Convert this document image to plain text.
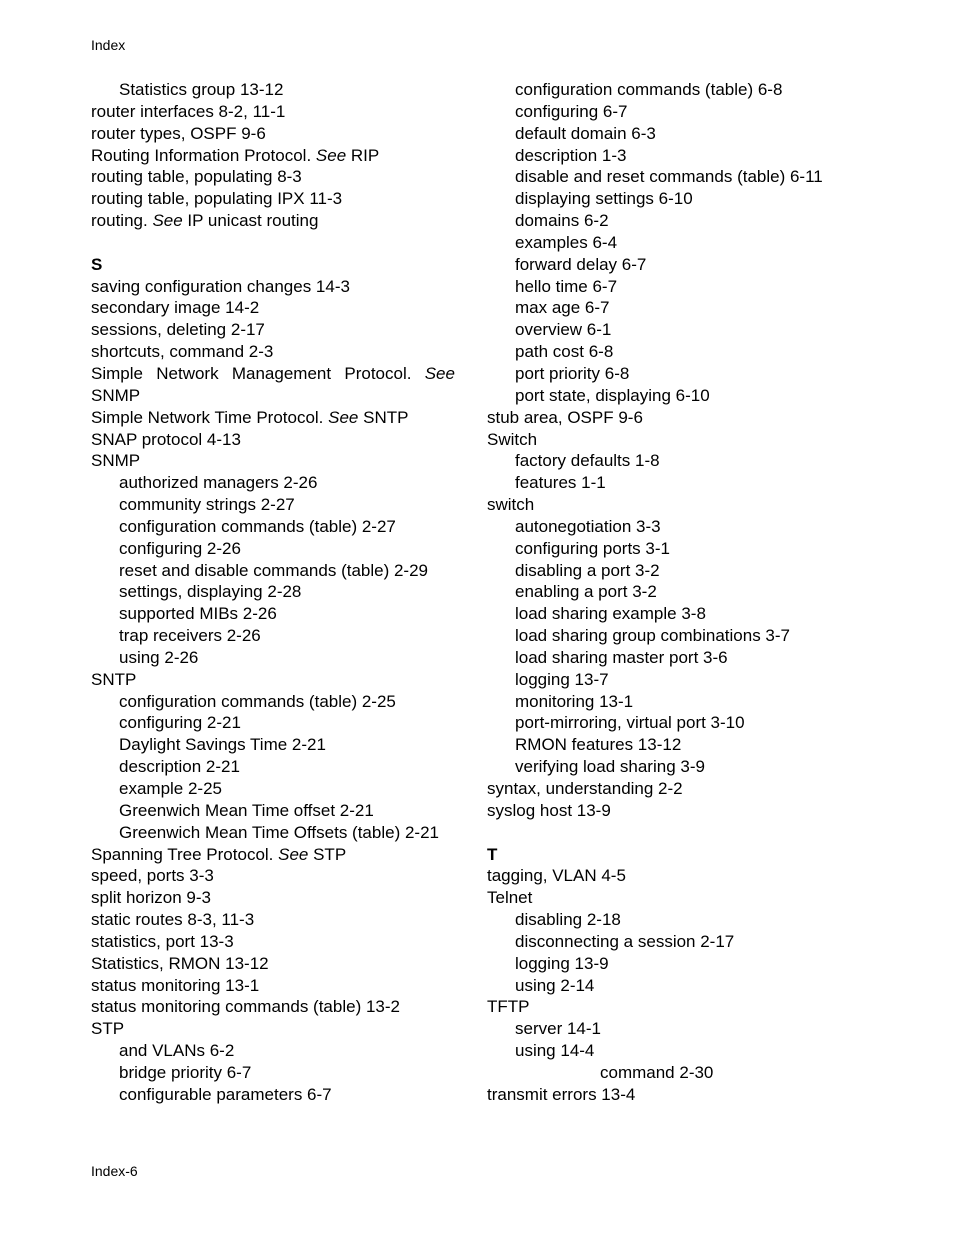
Index
Statistics group 13-12
router interfaces 8-2, 11-1
router types, OSPF 9-6
Routing Information Protocol. See RIP
routing table, populating 8-3
routing table, populating IPX 11-3
routing. See IP unicast routing
S
saving configuration changes 14-3
secondary image 14-2
sessions, deleting 2-17
shortcuts, command 2-3
Simple Network Management Protocol. See
SNMP
Simple Network Time Protocol. See SNTP
SNAP protocol 4-13
SNMP
authorized managers 2-26
community strings 2-27
configuration commands (table) 2-27
configuring 2-26
reset and disable commands (table) 2-29
settings, displaying 2-28
supported MIBs 2-26
trap receivers 2-26
using 2-26
SNTP
configuration commands (table) 2-25
configuring 2-21
Daylight Savings Time 2-21
description 2-21
example 2-25
Greenwich Mean Time offset 2-21
Greenwich Mean Time Offsets (table) 2-21
Spanning Tree Protocol. See STP
speed, ports 3-3
split horizon 9-3
static routes 8-3, 11-3
statistics, port 13-3
Statistics, RMON 13-12
status monitoring 13-1
status monitoring commands (table) 13-2
STP
and VLANs 6-2
bridge priority 6-7
configurable parameters 6-7
configuration commands (table) 6-8
configuring 6-7
default domain 6-3
description 1-3
disable and reset commands (table) 6-11
displaying settings 6-10
domains 6-2
examples 6-4
forward delay 6-7
hello time 6-7
max age 6-7
overview 6-1
path cost 6-8
port priority 6-8
port state, displaying 6-10
stub area, OSPF 9-6
Switch
factory defaults 1-8
features 1-1
switch
autonegotiation 3-3
configuring ports 3-1
disabling a port 3-2
enabling a port 3-2
load sharing example 3-8
load sharing group combinations 3-7
load sharing master port 3-6
logging 13-7
monitoring 13-1
port-mirroring, virtual port 3-10
RMON features 13-12
verifying load sharing 3-9
syntax, understanding 2-2
syslog host 13-9
T
tagging, VLAN 4-5
Telnet
disabling 2-18
disconnecting a session 2-17
logging 13-9
using 2-14
TFTP
server 14-1
using 14-4
command 2-30
transmit errors 13-4
Index-6
